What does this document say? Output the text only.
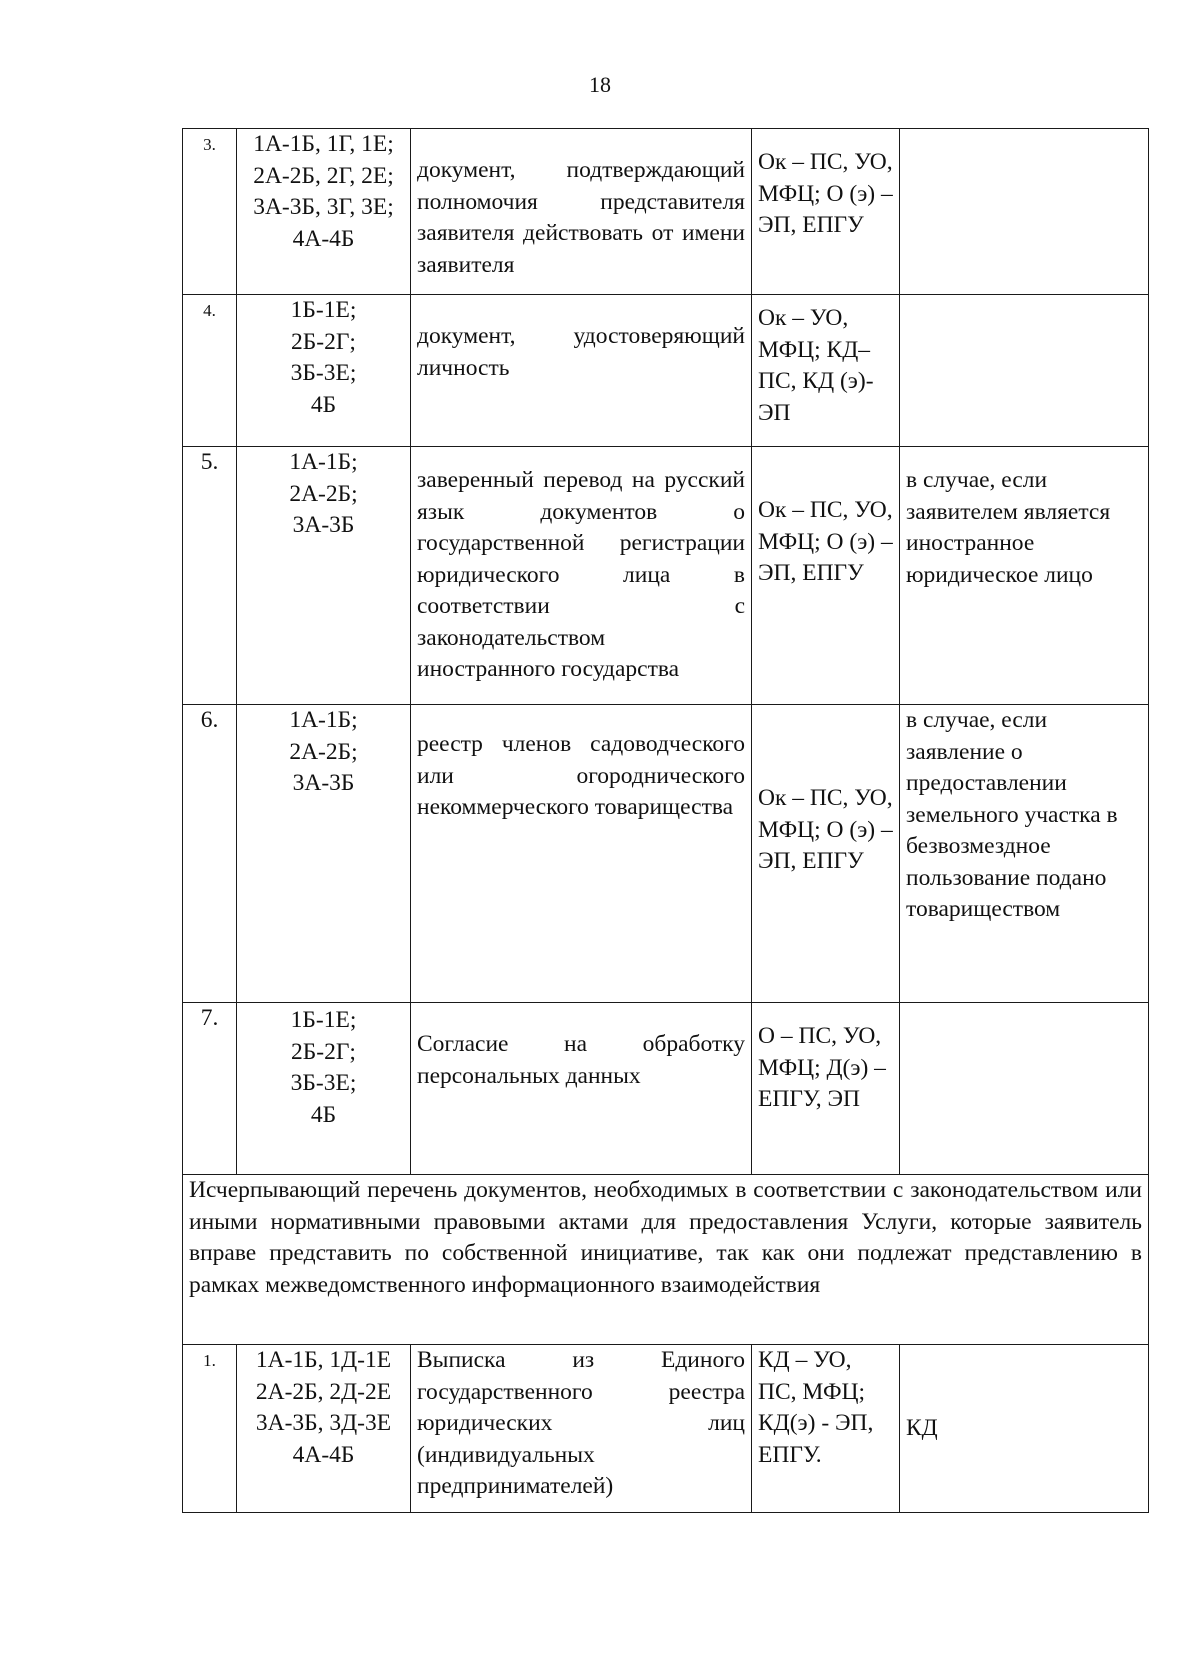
18
3.	1А-1Б, 1Г, 1Е;
2А-2Б, 2Г, 2Е;
3А-3Б, 3Г, 3Е;
4А-4Б	документ, подтверждающий полномочия представителя заявителя действовать от имени заявителя	Ок – ПС, УО, МФЦ; О (э) –ЭП, ЕПГУ	
4.	1Б-1Е;
2Б-2Г;
3Б-3Е;
4Б	документ, удостоверяющий личность	Ок – УО, МФЦ; КД– ПС, КД (э)- ЭП	
5.	1А-1Б;
2А-2Б;
3А-3Б	заверенный перевод на русский язык документов о государственной регистрации юридического лица в соответствии с законодательством иностранного государства	Ок – ПС, УО, МФЦ; О (э) –ЭП, ЕПГУ	в случае, если заявителем является иностранное юридическое лицо
6.	1А-1Б;
2А-2Б;
3А-3Б	реестр членов садоводческого или огороднического некоммерческого товарищества	Ок – ПС, УО, МФЦ; О (э) –ЭП, ЕПГУ	в случае, если заявление о предоставлении земельного участка в безвозмездное пользование подано товариществом
7.	1Б-1Е;
2Б-2Г;
3Б-3Е;
4Б	Согласие на обработку персональных данных	О – ПС, УО, МФЦ; Д(э) – ЕПГУ, ЭП	
Исчерпывающий перечень документов, необходимых в соответствии с законодательством или иными нормативными правовыми актами для предоставления Услуги, которые заявитель вправе представить по собственной инициативе, так как они подлежат представлению в рамках межведомственного информационного взаимодействия				
1.	1А-1Б, 1Д-1Е
2А-2Б, 2Д-2Е
3А-3Б, 3Д-3Е
4А-4Б	Выписка из Единого государственного реестра юридических лиц (индивидуальных предпринимателей)	КД – УО, ПС, МФЦ; КД(э) - ЭП, ЕПГУ.	КД
